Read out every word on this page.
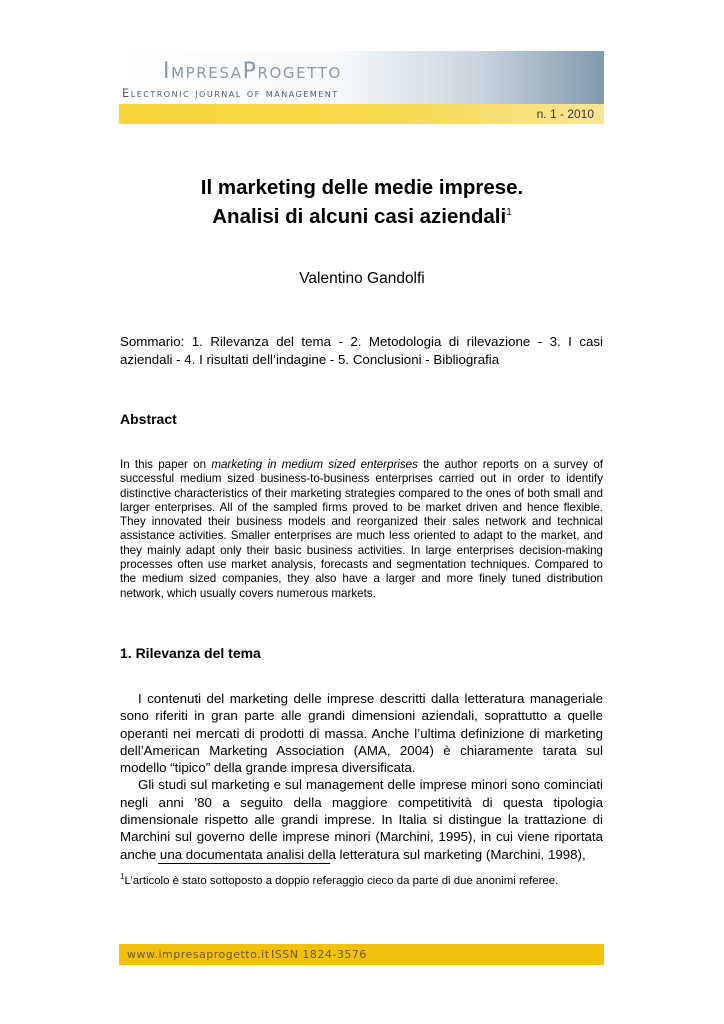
ImpresaProgetto
Electronic journal of management
n. 1 - 2010
Il marketing delle medie imprese.
Analisi di alcuni casi aziendali$^1$
Valentino Gandolfi

Sommario: 1. Rilevanza del tema - 2. Metodologia di rilevazione - 3. I casi aziendali - 4. I risultati dell’indagine - 5. Conclusioni - Bibliografia

Abstract

In this paper on marketing in medium sized enterprises the author reports on a survey of successful medium sized business-to-business enterprises carried out in order to identify distinctive characteristics of their marketing strategies compared to the ones of both small and larger enterprises. All of the sampled firms proved to be market driven and hence flexible. They innovated their business models and reorganized their sales network and technical assistance activities. Smaller enterprises are much less oriented to adapt to the market, and they mainly adapt only their basic business activities. In large enterprises decision-making processes often use market analysis, forecasts and segmentation techniques. Compared to the medium sized companies, they also have a larger and more finely tuned distribution network, which usually covers numerous markets.

1. Rilevanza del tema

I contenuti del marketing delle imprese descritti dalla letteratura manageriale sono riferiti in gran parte alle grandi dimensioni aziendali, soprattutto a quelle operanti nei mercati di prodotti di massa. Anche l’ultima definizione di marketing dell’American Marketing Association (AMA, 2004) è chiaramente tarata sul modello “tipico” della grande impresa diversificata.

Gli studi sul marketing e sul management delle imprese minori sono cominciati negli anni ’80 a seguito della maggiore competitività di questa tipologia dimensionale rispetto alle grandi imprese. In Italia si distingue la trattazione di Marchini sul governo delle imprese minori (Marchini, 1995), in cui viene riportata anche una documentata analisi della letteratura sul marketing (Marchini, 1998),

$^1$L’articolo è stato sottoposto a doppio referaggio cieco da parte di due anonimi referee.

www.impresaprogetto.it ISSN 1824-3576
